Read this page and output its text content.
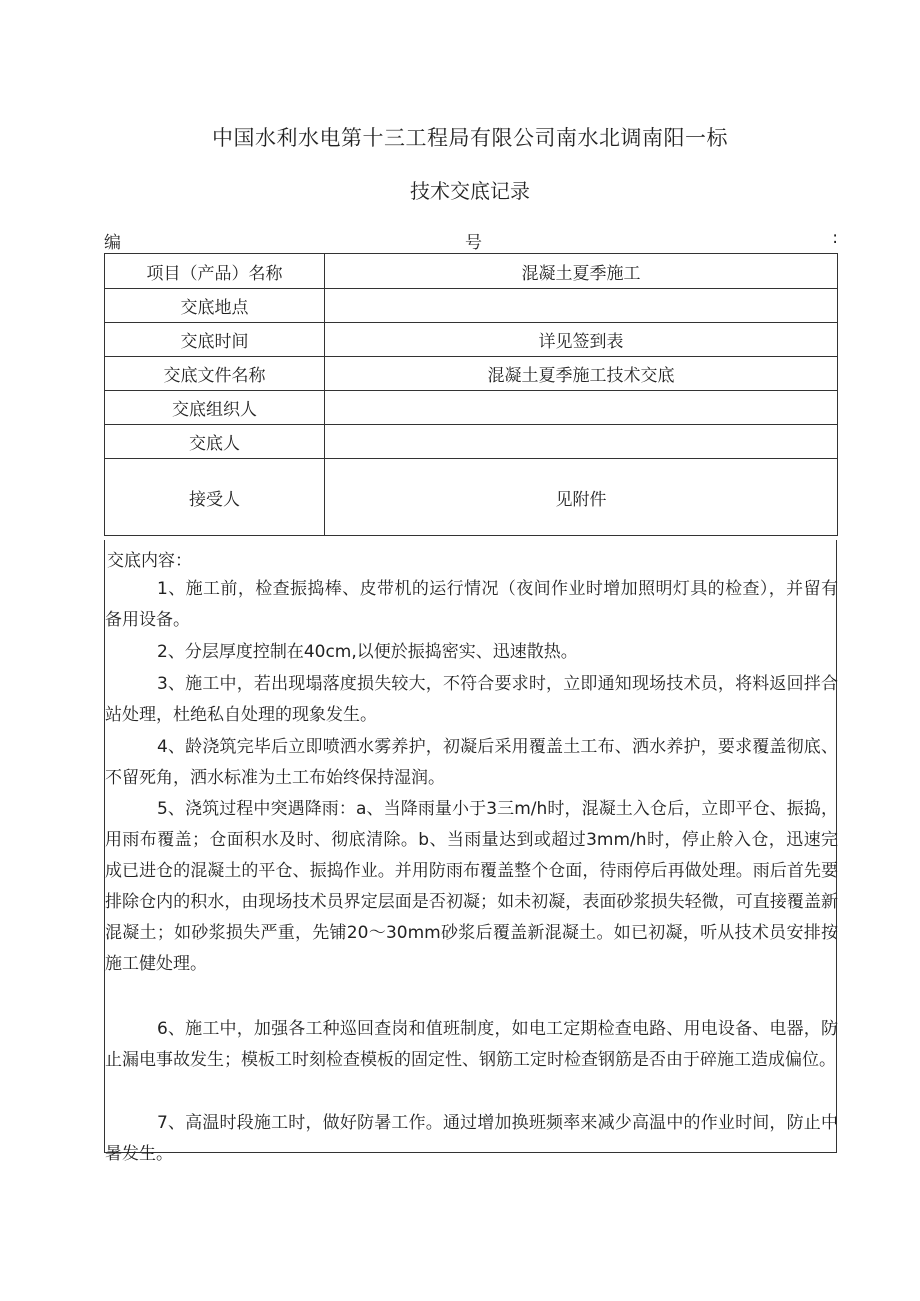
中国水利水电第十三工程局有限公司南水北调南阳一标
技术交底记录
编	号	:
项目（产品）名称	混凝土夏季施工
交底地点	
交底时间	详见签到表
交底文件名称	混凝土夏季施工技术交底
交底组织人	
交底人	
接受人	见附件
交底内容：
1、施工前，检查振捣棒、皮带机的运行情况（夜间作业时增加照明灯具的检查），并留有备用设备。
2、分层厚度控制在40cm,以便於振捣密实、迅速散热。
3、施工中，若出现塌落度损失较大，不符合要求时，立即通知现场技术员，将料返回拌合站处理，杜绝私自处理的现象发生。
4、龄浇筑完毕后立即喷洒水雾养护，初凝后采用覆盖土工布、洒水养护，要求覆盖彻底、不留死角，洒水标准为土工布始终保持湿润。
5、浇筑过程中突遇降雨：a、当降雨量小于3三m/h时，混凝土入仓后，立即平仓、振捣，用雨布覆盖；仓面积水及时、彻底清除。b、当雨量达到或超过3mm/h时，停止舲入仓，迅速完成已进仓的混凝土的平仓、振捣作业。并用防雨布覆盖整个仓面，待雨停后再做处理。雨后首先要排除仓内的积水，由现场技术员界定层面是否初凝；如未初凝，表面砂浆损失轻微，可直接覆盖新混凝土；如砂浆损失严重，先铺20～30mm砂浆后覆盖新混凝土。如已初凝，听从技术员安排按施工健处理。
6、施工中，加强各工种巡回查岗和值班制度，如电工定期检查电路、用电设备、电器，防止漏电事故发生；模板工时刻检查模板的固定性、钢筋工定时检查钢筋是否由于碎施工造成偏位。
7、高温时段施工时，做好防暑工作。通过增加换班频率来减少高温中的作业时间，防止中暑发生。
